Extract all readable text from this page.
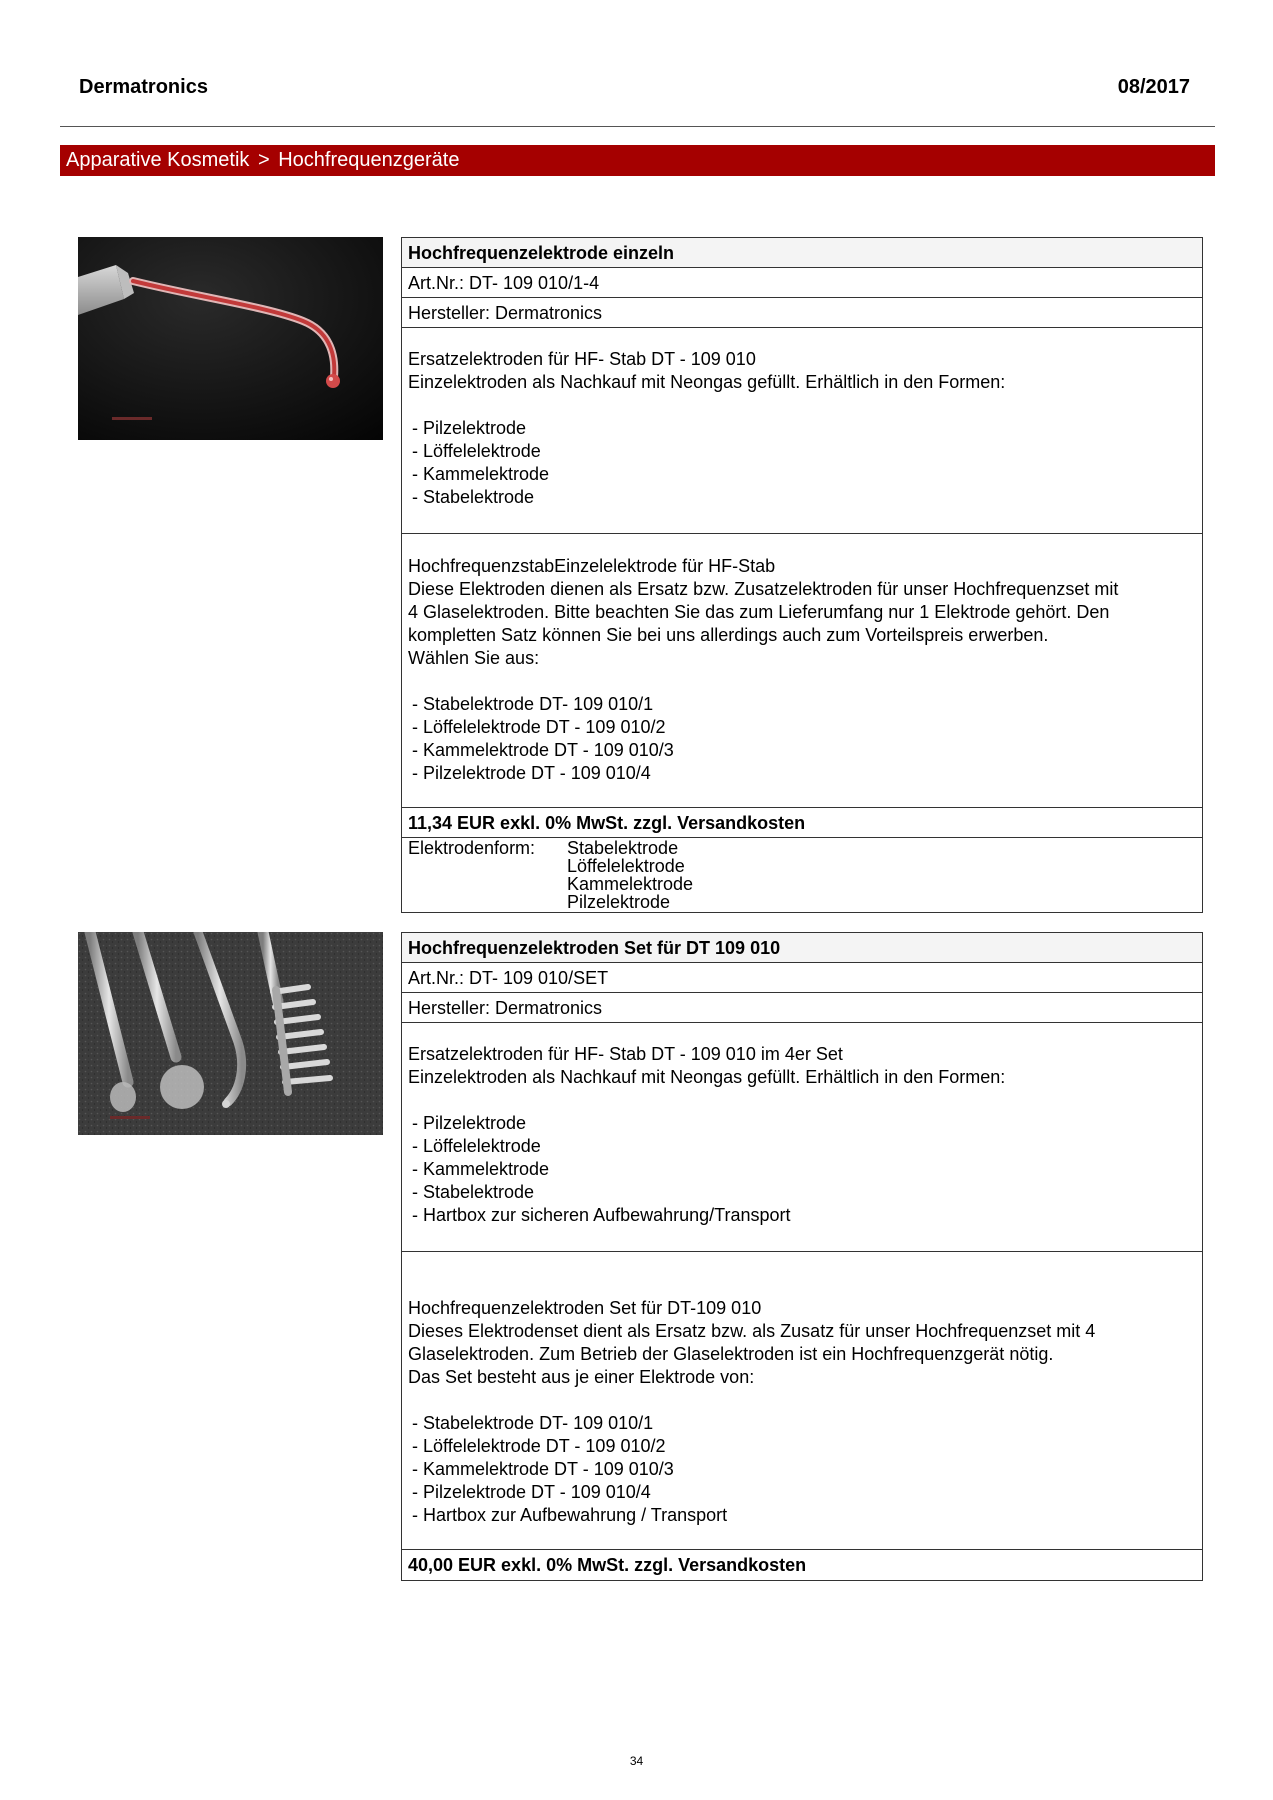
Dermatronics	08/2017
Apparative Kosmetik > Hochfrequenzgeräte
Hochfrequenzelektrode einzeln
Art.Nr.: DT- 109 010/1-4
Hersteller: Dermatronics
Ersatzelektroden für HF- Stab DT - 109 010
Einzelektroden als Nachkauf mit Neongas gefüllt. Erhältlich in den Formen:
- Pilzelektrode
- Löffelelektrode
- Kammelektrode
- Stabelektrode
HochfrequenzstabEinzelelektrode für HF-Stab
Diese Elektroden dienen als Ersatz bzw. Zusatzelektroden für unser Hochfrequenzset mit
4 Glaselektroden. Bitte beachten Sie das zum Lieferumfang nur 1 Elektrode gehört. Den
kompletten Satz können Sie bei uns allerdings auch zum Vorteilspreis erwerben.
Wählen Sie aus:
- Stabelektrode DT- 109 010/1
- Löffelelektrode DT - 109 010/2
- Kammelektrode DT - 109 010/3
- Pilzelektrode DT - 109 010/4
11,34 EUR exkl. 0% MwSt. zzgl. Versandkosten
Elektrodenform:	Stabelektrode
Löffelelektrode
Kammelektrode
Pilzelektrode
Hochfrequenzelektroden Set für DT 109 010
Art.Nr.: DT- 109 010/SET
Hersteller: Dermatronics
Ersatzelektroden für HF- Stab DT - 109 010 im 4er Set
Einzelektroden als Nachkauf mit Neongas gefüllt. Erhältlich in den Formen:
- Pilzelektrode
- Löffelelektrode
- Kammelektrode
- Stabelektrode
- Hartbox zur sicheren Aufbewahrung/Transport
Hochfrequenzelektroden Set für DT-109 010
Dieses Elektrodenset dient als Ersatz bzw. als Zusatz für unser Hochfrequenzset mit 4
Glaselektroden. Zum Betrieb der Glaselektroden ist ein Hochfrequenzgerät nötig.
Das Set besteht aus je einer Elektrode von:
- Stabelektrode DT- 109 010/1
- Löffelelektrode DT - 109 010/2
- Kammelektrode DT - 109 010/3
- Pilzelektrode DT - 109 010/4
- Hartbox zur Aufbewahrung / Transport
40,00 EUR exkl. 0% MwSt. zzgl. Versandkosten
34
